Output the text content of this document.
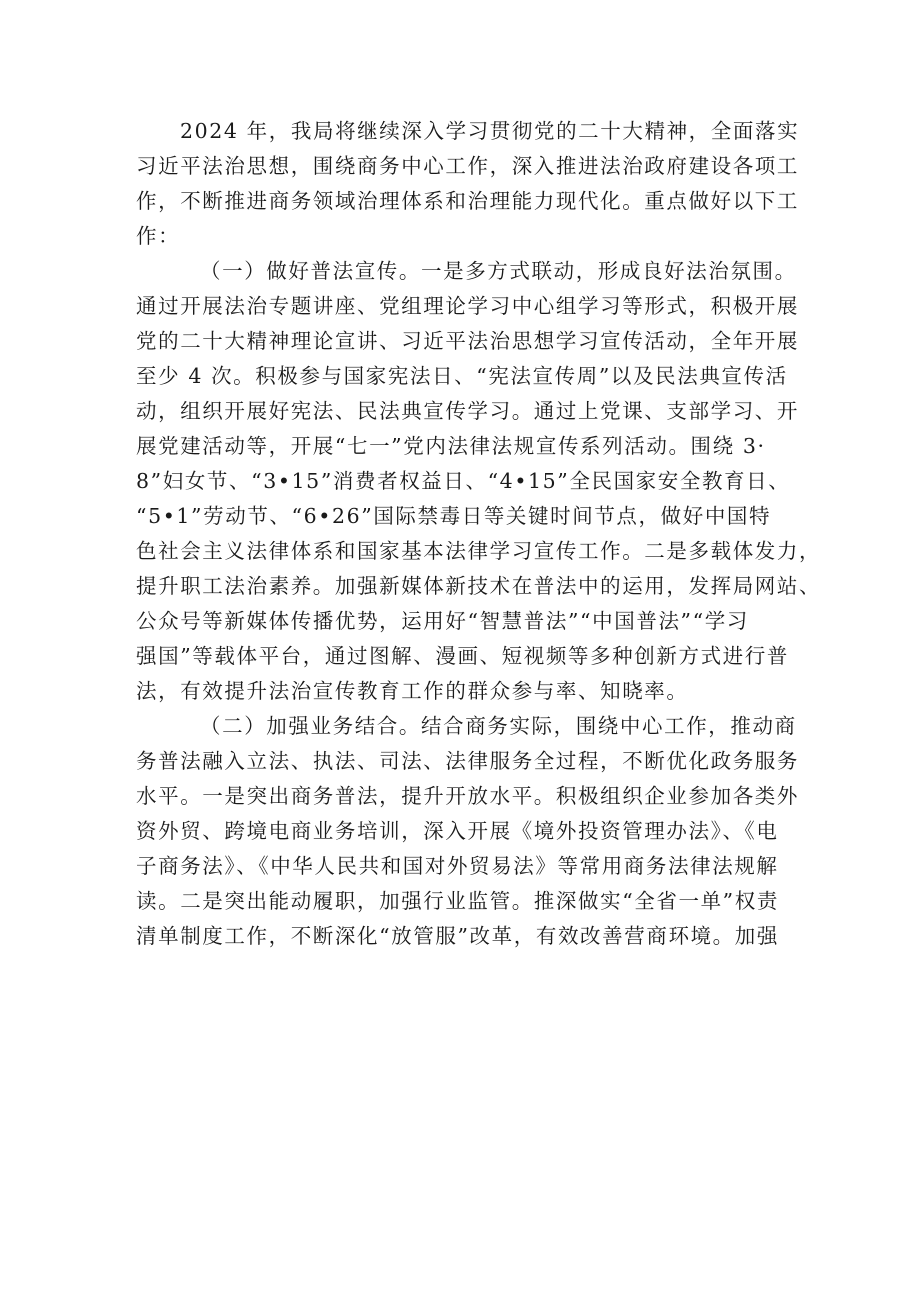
2024 年，我局将继续深入学习贯彻党的二十大精神，全面落实
习近平法治思想，围绕商务中心工作，深入推进法治政府建设各项工
作，不断推进商务领域治理体系和治理能力现代化。重点做好以下工
作：

（一）做好普法宣传。一是多方式联动，形成良好法治氛围。
通过开展法治专题讲座、党组理论学习中心组学习等形式，积极开展
党的二十大精神理论宣讲、习近平法治思想学习宣传活动，全年开展
至少 4 次。积极参与国家宪法日、“宪法宣传周”以及民法典宣传活
动，组织开展好宪法、民法典宣传学习。通过上党课、支部学习、开
展党建活动等，开展“七一”党内法律法规宣传系列活动。围绕 3·
8”妇女节、“3•15”消费者权益日、“4•15”全民国家安全教育日、
“5•1”劳动节、“6•26”国际禁毒日等关键时间节点，做好中国特
色社会主义法律体系和国家基本法律学习宣传工作。二是多载体发力，
提升职工法治素养。加强新媒体新技术在普法中的运用，发挥局网站、
公众号等新媒体传播优势，运用好“智慧普法”“中国普法”“学习
强国”等载体平台，通过图解、漫画、短视频等多种创新方式进行普
法，有效提升法治宣传教育工作的群众参与率、知晓率。

（二）加强业务结合。结合商务实际，围绕中心工作，推动商
务普法融入立法、执法、司法、法律服务全过程，不断优化政务服务
水平。一是突出商务普法，提升开放水平。积极组织企业参加各类外
资外贸、跨境电商业务培训，深入开展《境外投资管理办法》、《电
子商务法》、《中华人民共和国对外贸易法》等常用商务法律法规解
读。二是突出能动履职，加强行业监管。推深做实“全省一单”权责
清单制度工作，不断深化“放管服”改革，有效改善营商环境。加强
